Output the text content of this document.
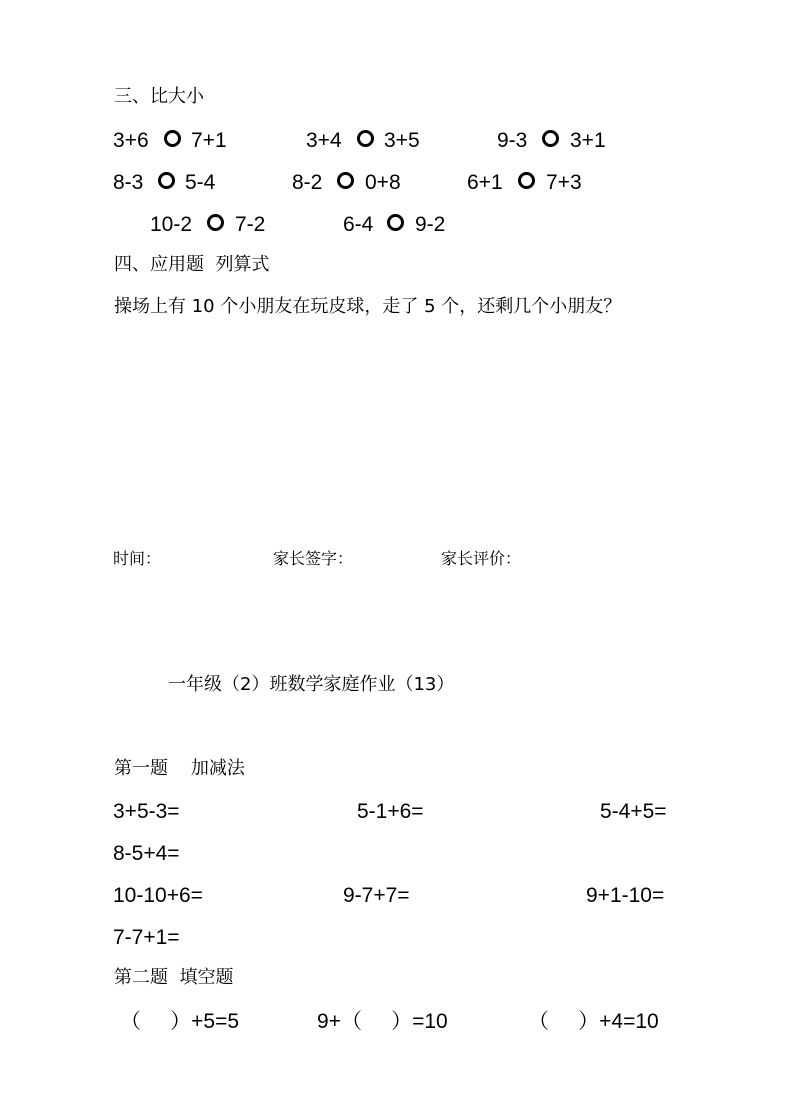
三、比大小
3+6 7+1	3+4 3+5	9-3 3+1
8-3 5-4	8-2 0+8	6+1 7+3
10-2 7-2	6-4 9-2
四、应用题  列算式
操场上有 10 个小朋友在玩皮球，走了 5 个，还剩几个小朋友？
时间：	家长签字：	家长评价：
一年级（2）班数学家庭作业（13）
第一题    加减法
3+5-3=	5-1+6=	5-4+5=
8-5+4=
10-10+6=	9-7+7=	9+1-10=
7-7+1=
第二题  填空题
（     ）+5=5	9+（     ）=10	（     ）+4=10
